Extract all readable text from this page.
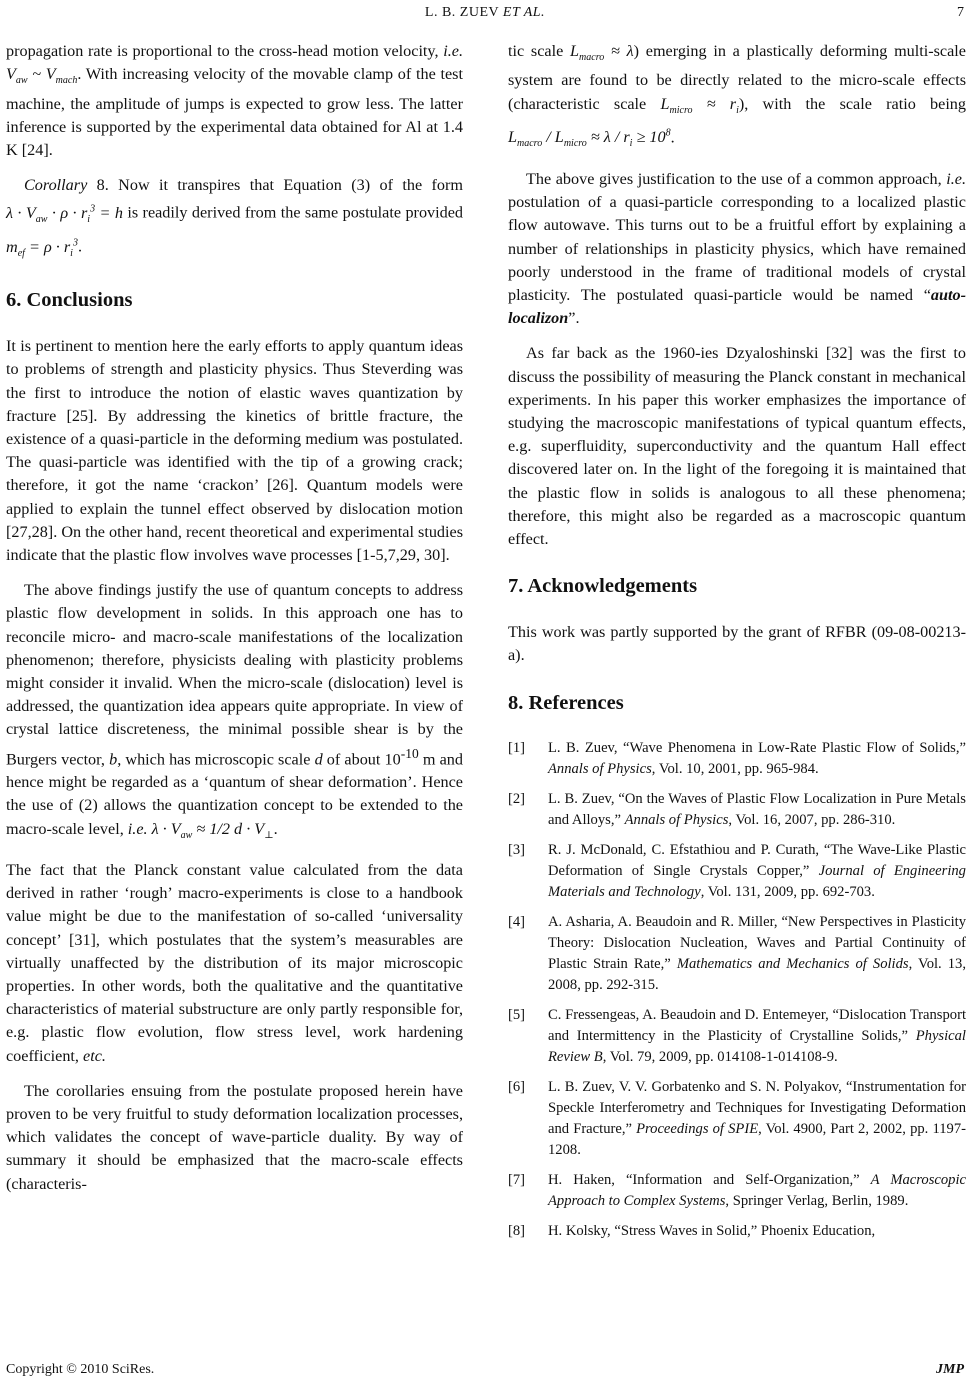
L. B. ZUEV ET AL.	7

propagation rate is proportional to the cross-head motion velocity, i.e. $V_{aw}$ ~ $V_{mach}$. With increasing velocity of the movable clamp of the test machine, the amplitude of jumps is expected to grow less. The latter inference is supported by the experimental data obtained for Al at 1.4 K [24].

Corollary 8. Now it transpires that Equation (3) of the form $\lambda \cdot V_{aw} \cdot \rho \cdot r_i^3 = h$ is readily derived from the same postulate provided $m_{ef} = \rho \cdot r_i^3$.

6. Conclusions

It is pertinent to mention here the early efforts to apply quantum ideas to problems of strength and plasticity physics. Thus Steverding was the first to introduce the notion of elastic waves quantization by fracture [25]. By addressing the kinetics of brittle fracture, the existence of a quasi-particle in the deforming medium was postulated. The quasi-particle was identified with the tip of a growing crack; therefore, it got the name ‘crackon’ [26]. Quantum models were applied to explain the tunnel effect observed by dislocation motion [27,28]. On the other hand, recent theoretical and experimental studies indicate that the plastic flow involves wave processes [1-5,7,29, 30].

The above findings justify the use of quantum concepts to address plastic flow development in solids. In this approach one has to reconcile micro- and macro-scale manifestations of the localization phenomenon; therefore, physicists dealing with plasticity problems might consider it invalid. When the micro-scale (dislocation) level is addressed, the quantization idea appears quite appropriate. In view of crystal lattice discreteness, the minimal possible shear is by the Burgers vector, b, which has microscopic scale d of about $10^{-10}$ m and hence might be regarded as a ‘quantum of shear deformation’. Hence the use of (2) allows the quantization concept to be extended to the macro-scale level, i.e. $\lambda \cdot V_{aw} \approx 1/2$ $d \cdot V_\perp$.

The fact that the Planck constant value calculated from the data derived in rather ‘rough’ macro-experiments is close to a handbook value might be due to the manifestation of so-called ‘universality concept’ [31], which postulates that the system’s measurables are virtually unaffected by the distribution of its major microscopic properties. In other words, both the qualitative and the quantitative characteristics of material substructure are only partly responsible for, e.g. plastic flow evolution, flow stress level, work hardening coefficient, etc.

The corollaries ensuing from the postulate proposed herein have proven to be very fruitful to study deformation localization processes, which validates the concept of wave-particle duality. By way of summary it should be emphasized that the macro-scale effects (characteris-

tic scale $L_{macro} \approx \lambda$) emerging in a plastically deforming multi-scale system are found to be directly related to the micro-scale effects (characteristic scale $L_{micro} \approx r_i$), with the scale ratio being $L_{macro} / L_{micro} \approx \lambda / r_i \ge 10^8$.

The above gives justification to the use of a common approach, i.e. postulation of a quasi-particle corresponding to a localized plastic flow autowave. This turns out to be a fruitful effort by explaining a number of relationships in plasticity physics, which have remained poorly understood in the frame of traditional models of crystal plasticity. The postulated quasi-particle would be named “auto-localizon”.

As far back as the 1960-ies Dzyaloshinski [32] was the first to discuss the possibility of measuring the Planck constant in mechanical experiments. In his paper this worker emphasizes the importance of studying the macroscopic manifestations of typical quantum effects, e.g. superfluidity, superconductivity and the quantum Hall effect discovered later on. In the light of the foregoing it is maintained that the plastic flow in solids is analogous to all these phenomena; therefore, this might also be regarded as a macroscopic quantum effect.

7. Acknowledgements

This work was partly supported by the grant of RFBR (09-08-00213-a).

8. References
[1] L. B. Zuev, “Wave Phenomena in Low-Rate Plastic Flow of Solids,” Annals of Physics, Vol. 10, 2001, pp. 965-984.
[2] L. B. Zuev, “On the Waves of Plastic Flow Localization in Pure Metals and Alloys,” Annals of Physics, Vol. 16, 2007, pp. 286-310.
[3] R. J. McDonald, C. Efstathiou and P. Curath, “The Wave-Like Plastic Deformation of Single Crystals Copper,” Journal of Engineering Materials and Technology, Vol. 131, 2009, pp. 692-703.
[4] A. Asharia, A. Beaudoin and R. Miller, “New Perspectives in Plasticity Theory: Dislocation Nucleation, Waves and Partial Continuity of Plastic Strain Rate,” Mathematics and Mechanics of Solids, Vol. 13, 2008, pp. 292-315.
[5] C. Fressengeas, A. Beaudoin and D. Entemeyer, “Dislocation Transport and Intermittency in the Plasticity of Crystalline Solids,” Physical Review B, Vol. 79, 2009, pp. 014108-1-014108-9.
[6] L. B. Zuev, V. V. Gorbatenko and S. N. Polyakov, “Instrumentation for Speckle Interferometry and Techniques for Investigating Deformation and Fracture,” Proceedings of SPIE, Vol. 4900, Part 2, 2002, pp. 1197-1208.
[7] H. Haken, “Information and Self-Organization,” A Macroscopic Approach to Complex Systems, Springer Verlag, Berlin, 1989.
[8] H. Kolsky, “Stress Waves in Solid,” Phoenix Education,
Copyright © 2010 SciRes.	JMP
